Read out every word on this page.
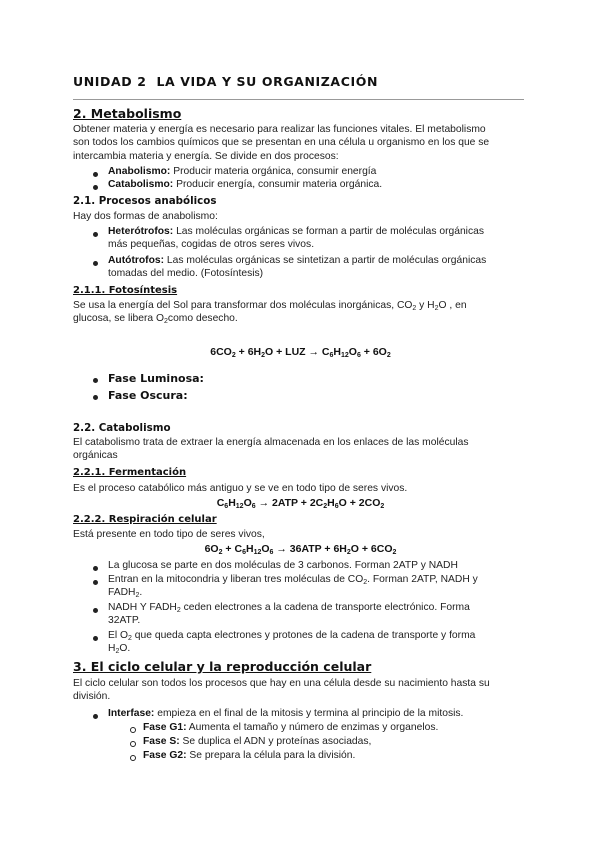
UNIDAD 2  LA VIDA Y SU ORGANIZACIÓN
2. Metabolismo
Obtener materia y energía es necesario para realizar las funciones vitales. El metabolismo
son todos los cambios químicos que se presentan en una célula u organismo en los que se
intercambia materia y energía. Se divide en dos procesos:
Anabolismo: Producir materia orgánica, consumir energía
Catabolismo: Producir energía, consumir materia orgánica.
2.1. Procesos anabólicos
Hay dos formas de anabolismo:
Heterótrofos: Las moléculas orgánicas se forman a partir de moléculas orgánicas
más pequeñas, cogidas de otros seres vivos.
Autótrofos: Las moléculas orgánicas se sintetizan a partir de moléculas orgánicas
tomadas del medio. (Fotosíntesis)
2.1.1. Fotosíntesis
Se usa la energía del Sol para transformar dos moléculas inorgánicas, $CO_2$ y $H_2O$ , en
glucosa, se libera $O_2como$ desecho.
$6CO_2 + 6H_2O$ + LUZ → $C_6H_{12}O_6 + 6O_2$
Fase Luminosa:
Fase Oscura:
2.2. Catabolismo
El catabolismo trata de extraer la energía almacenada en los enlaces de las moléculas
orgánicas
2.2.1. Fermentación
Es el proceso catabólico más antiguo y se ve en todo tipo de seres vivos.
$C_6H_{12}O_6 \to 2ATP + 2C_2H_6O + 2CO_2$
2.2.2. Respiración celular
Está presente en todo tipo de seres vivos,
$6O_2 + C_6H_{12}O_6 \to 36ATP + 6H_2O + 6CO_2$
La glucosa se parte en dos moléculas de 3 carbonos. Forman 2ATP y NADH
Entran en la mitocondria y liberan tres moléculas de $CO_2$. Forman 2ATP, NADH y
$FADH_2$.
NADH Y $FADH_2$ ceden electrones a la cadena de transporte electrónico. Forma
32ATP.
El $O_2$ que queda capta electrones y protones de la cadena de transporte y forma
$H_2O$.
3. El ciclo celular y la reproducción celular
El ciclo celular son todos los procesos que hay en una célula desde su nacimiento hasta su
división.
Interfase: empieza en el final de la mitosis y termina al principio de la mitosis.
Fase G1: Aumenta el tamaño y número de enzimas y organelos.
Fase S: Se duplica el ADN y proteínas asociadas,
Fase G2: Se prepara la célula para la división.
